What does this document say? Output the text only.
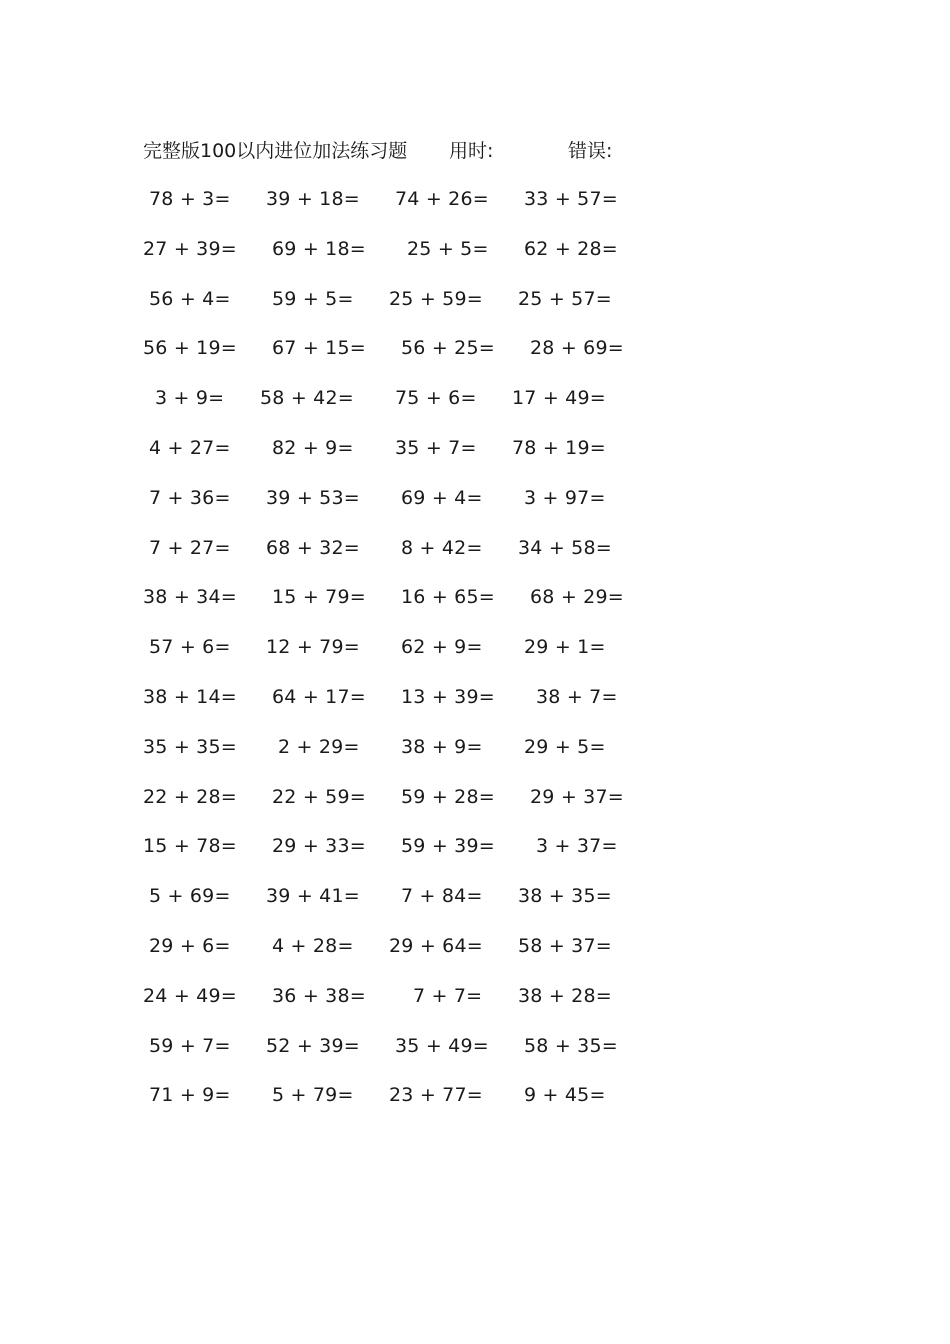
完整版100以内进位加法练习题 用时:	错误:
78 + 3= 39 + 18= 74 + 26= 33 + 57=
27 + 39= 69 + 18= 25 + 5= 62 + 28=
56 + 4= 59 + 5= 25 + 59= 25 + 57=
56 + 19= 67 + 15= 56 + 25= 28 + 69=
3 + 9= 58 + 42= 75 + 6= 17 + 49=
4 + 27= 82 + 9= 35 + 7= 78 + 19=
7 + 36= 39 + 53= 69 + 4= 3 + 97=
7 + 27= 68 + 32= 8 + 42= 34 + 58=
38 + 34= 15 + 79= 16 + 65= 68 + 29=
57 + 6= 12 + 79= 62 + 9= 29 + 1=
38 + 14= 64 + 17= 13 + 39= 38 + 7=
35 + 35= 2 + 29= 38 + 9= 29 + 5=
22 + 28= 22 + 59= 59 + 28= 29 + 37=
15 + 78= 29 + 33= 59 + 39= 3 + 37=
5 + 69= 39 + 41= 7 + 84= 38 + 35=
29 + 6= 4 + 28= 29 + 64= 58 + 37=
24 + 49= 36 + 38= 7 + 7= 38 + 28=
59 + 7= 52 + 39= 35 + 49= 58 + 35=
71 + 9= 5 + 79= 23 + 77= 9 + 45=
